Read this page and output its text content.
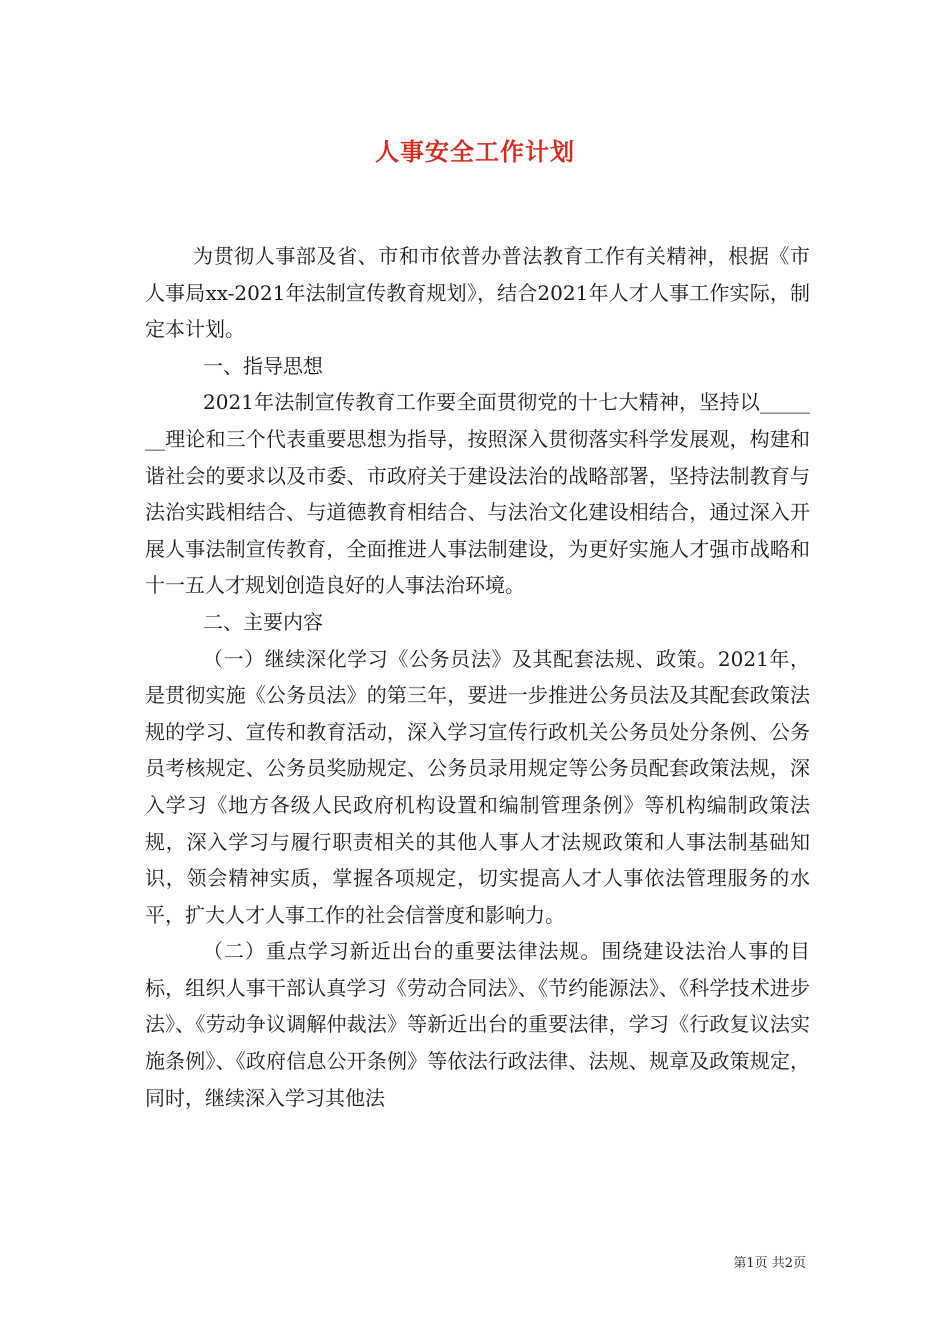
人事安全工作计划

为贯彻人事部及省、市和市依普办普法教育工作有关精神，根据《市人事局xx-2021年法制宣传教育规划》，结合2021年人才人事工作实际，制定本计划。

一、指导思想

2021年法制宣传教育工作要全面贯彻党的十七大精神，坚持以_______理论和三个代表重要思想为指导，按照深入贯彻落实科学发展观，构建和谐社会的要求以及市委、市政府关于建设法治的战略部署，坚持法制教育与法治实践相结合、与道德教育相结合、与法治文化建设相结合，通过深入开展人事法制宣传教育，全面推进人事法制建设，为更好实施人才强市战略和十一五人才规划创造良好的人事法治环境。

二、主要内容

（一）继续深化学习《公务员法》及其配套法规、政策。2021年，是贯彻实施《公务员法》的第三年，要进一步推进公务员法及其配套政策法规的学习、宣传和教育活动，深入学习宣传行政机关公务员处分条例、公务员考核规定、公务员奖励规定、公务员录用规定等公务员配套政策法规，深入学习《地方各级人民政府机构设置和编制管理条例》等机构编制政策法规，深入学习与履行职责相关的其他人事人才法规政策和人事法制基础知识，领会精神实质，掌握各项规定，切实提高人才人事依法管理服务的水平，扩大人才人事工作的社会信誉度和影响力。

（二）重点学习新近出台的重要法律法规。围绕建设法治人事的目标，组织人事干部认真学习《劳动合同法》、《节约能源法》、《科学技术进步法》、《劳动争议调解仲裁法》等新近出台的重要法律，学习《行政复议法实施条例》、《政府信息公开条例》等依法行政法律、法规、规章及政策规定，同时，继续深入学习其他法

第1页 共2页
